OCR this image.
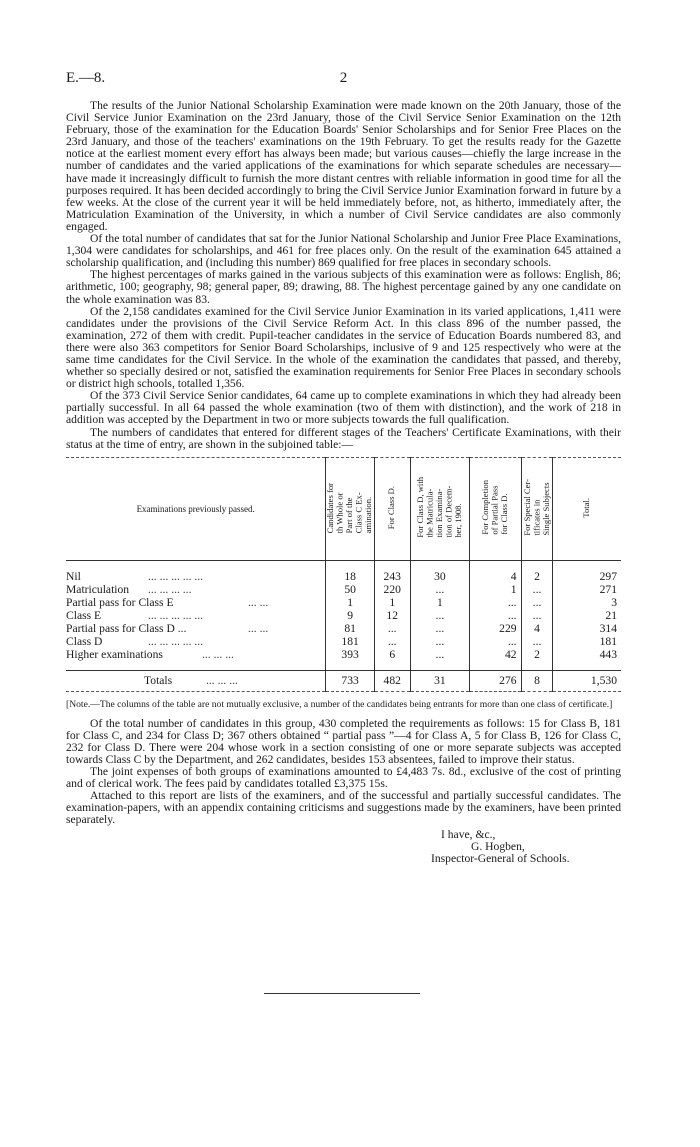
E.—8.	2

The results of the Junior National Scholarship Examination were made known on the 20th January, those of the Civil Service Junior Examination on the 23rd January, those of the Civil Service Senior Examination on the 12th February, those of the examination for the Education Boards' Senior Scholarships and for Senior Free Places on the 23rd January, and those of the teachers' examinations on the 19th February. To get the results ready for the Gazette notice at the earliest moment every effort has always been made; but various causes—chiefly the large increase in the number of candidates and the varied applications of the examinations for which separate schedules are necessary—have made it increasingly difficult to furnish the more distant centres with reliable information in good time for all the purposes required. It has been decided accordingly to bring the Civil Service Junior Examination forward in future by a few weeks. At the close of the current year it will be held immediately before, not, as hitherto, immediately after, the Matriculation Examination of the University, in which a number of Civil Service candidates are also commonly engaged.

Of the total number of candidates that sat for the Junior National Scholarship and Junior Free Place Examinations, 1,304 were candidates for scholarships, and 461 for free places only. On the result of the examination 645 attained a scholarship qualification, and (including this number) 869 qualified for free places in secondary schools.

The highest percentages of marks gained in the various subjects of this examination were as follows: English, 86; arithmetic, 100; geography, 98; general paper, 89; drawing, 88. The highest percentage gained by any one candidate on the whole examination was 83.

Of the 2,158 candidates examined for the Civil Service Junior Examination in its varied applications, 1,411 were candidates under the provisions of the Civil Service Reform Act. In this class 896 of the number passed, the examination, 272 of them with credit. Pupil-teacher candidates in the service of Education Boards numbered 83, and there were also 363 competitors for Senior Board Scholarships, inclusive of 9 and 125 respectively who were at the same time candidates for the Civil Service. In the whole of the examination the candidates that passed, and thereby, whether so specially desired or not, satisfied the examination requirements for Senior Free Places in secondary schools or district high schools, totalled 1,356.

Of the 373 Civil Service Senior candidates, 64 came up to complete examinations in which they had already been partially successful. In all 64 passed the whole examination (two of them with distinction), and the work of 218 in addition was accepted by the Department in two or more subjects towards the full qualification.

The numbers of candidates that entered for different stages of the Teachers' Certificate Examinations, with their status at the time of entry, are shown in the subjoined table:—

Examinations previously passed.	Candidates for
th Whole or
Part of the
Class C Ex-
amination.	For Class D.	For Class D, with
the Matricula-
tion Examina-
tion of Decem-
ber, 1908.	For Completion
of Partial Pass
for Class D.	For Special Cer-
tificates in
Single Subjects	Total.

Nil ... ... ... ... ...	18	243	30	4	2	297
Matriculation ... ... ... ...	50	220	...	1	...	271
Partial pass for Class E ... ...	1	1	1	...	...	3
Class E ... ... ... ... ...	9	12	...	...	...	21
Partial pass for Class D ... ... ...	81	...	...	229	4	314
Class D ... ... ... ... ...	181	...	...	...	...	181
Higher examinations ... ... ...	393	6	...	42	2	443

Totals ... ... ...	733	482	31	276	8	1,530
[Note.—The columns of the table are not mutually exclusive, a number of the candidates being entrants for more than one class of certificate.]

Of the total number of candidates in this group, 430 completed the requirements as follows: 15 for Class B, 181 for Class C, and 234 for Class D; 367 others obtained “ partial pass ”—4 for Class A, 5 for Class B, 126 for Class C, 232 for Class D. There were 204 whose work in a section consisting of one or more separate subjects was accepted towards Class C by the Department, and 262 candidates, besides 153 absentees, failed to improve their status.

The joint expenses of both groups of examinations amounted to £4,483 7s. 8d., exclusive of the cost of printing and of clerical work. The fees paid by candidates totalled £3,375 15s.

Attached to this report are lists of the examiners, and of the successful and partially successful candidates. The examination-papers, with an appendix containing criticisms and suggestions made by the examiners, have been printed separately.

I have, &c.,
G. Hogben,
Inspector-General of Schools.
